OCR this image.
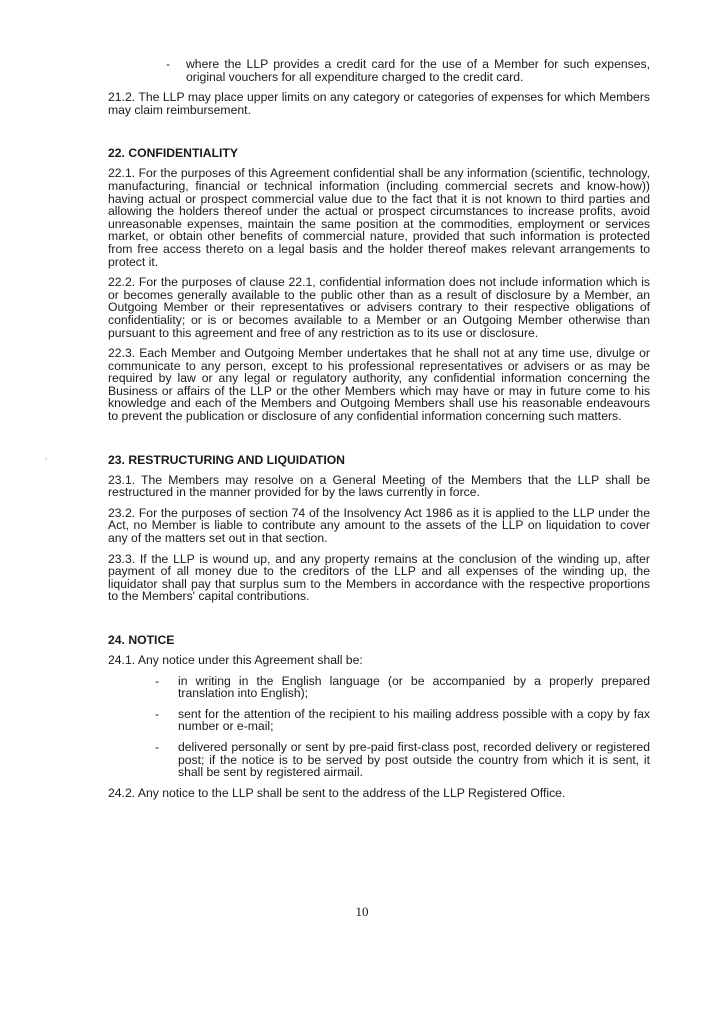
- where the LLP provides a credit card for the use of a Member for such expenses, original vouchers for all expenditure charged to the credit card.

21.2. The LLP may place upper limits on any category or categories of expenses for which Members may claim reimbursement.

22. CONFIDENTIALITY

22.1. For the purposes of this Agreement confidential shall be any information (scientific, technology, manufacturing, financial or technical information (including commercial secrets and know-how)) having actual or prospect commercial value due to the fact that it is not known to third parties and allowing the holders thereof under the actual or prospect circumstances to increase profits, avoid unreasonable expenses, maintain the same position at the commodities, employment or services market, or obtain other benefits of commercial nature, provided that such information is protected from free access thereto on a legal basis and the holder thereof makes relevant arrangements to protect it.

22.2. For the purposes of clause 22.1, confidential information does not include information which is or becomes generally available to the public other than as a result of disclosure by a Member, an Outgoing Member or their representatives or advisers contrary to their respective obligations of confidentiality; or is or becomes available to a Member or an Outgoing Member otherwise than pursuant to this agreement and free of any restriction as to its use or disclosure.

22.3. Each Member and Outgoing Member undertakes that he shall not at any time use, divulge or communicate to any person, except to his professional representatives or advisers or as may be required by law or any legal or regulatory authority, any confidential information concerning the Business or affairs of the LLP or the other Members which may have or may in future come to his knowledge and each of the Members and Outgoing Members shall use his reasonable endeavours to prevent the publication or disclosure of any confidential information concerning such matters.

23. RESTRUCTURING AND LIQUIDATION

23.1. The Members may resolve on a General Meeting of the Members that the LLP shall be restructured in the manner provided for by the laws currently in force.

23.2. For the purposes of section 74 of the Insolvency Act 1986 as it is applied to the LLP under the Act, no Member is liable to contribute any amount to the assets of the LLP on liquidation to cover any of the matters set out in that section.

23.3. If the LLP is wound up, and any property remains at the conclusion of the winding up, after payment of all money due to the creditors of the LLP and all expenses of the winding up, the liquidator shall pay that surplus sum to the Members in accordance with the respective proportions to the Members' capital contributions.

24. NOTICE

24.1. Any notice under this Agreement shall be:

- in writing in the English language (or be accompanied by a properly prepared translation into English);
- sent for the attention of the recipient to his mailing address possible with a copy by fax number or e-mail;
- delivered personally or sent by pre-paid first-class post, recorded delivery or registered post; if the notice is to be served by post outside the country from which it is sent, it shall be sent by registered airmail.

24.2. Any notice to the LLP shall be sent to the address of the LLP Registered Office.

,
10
